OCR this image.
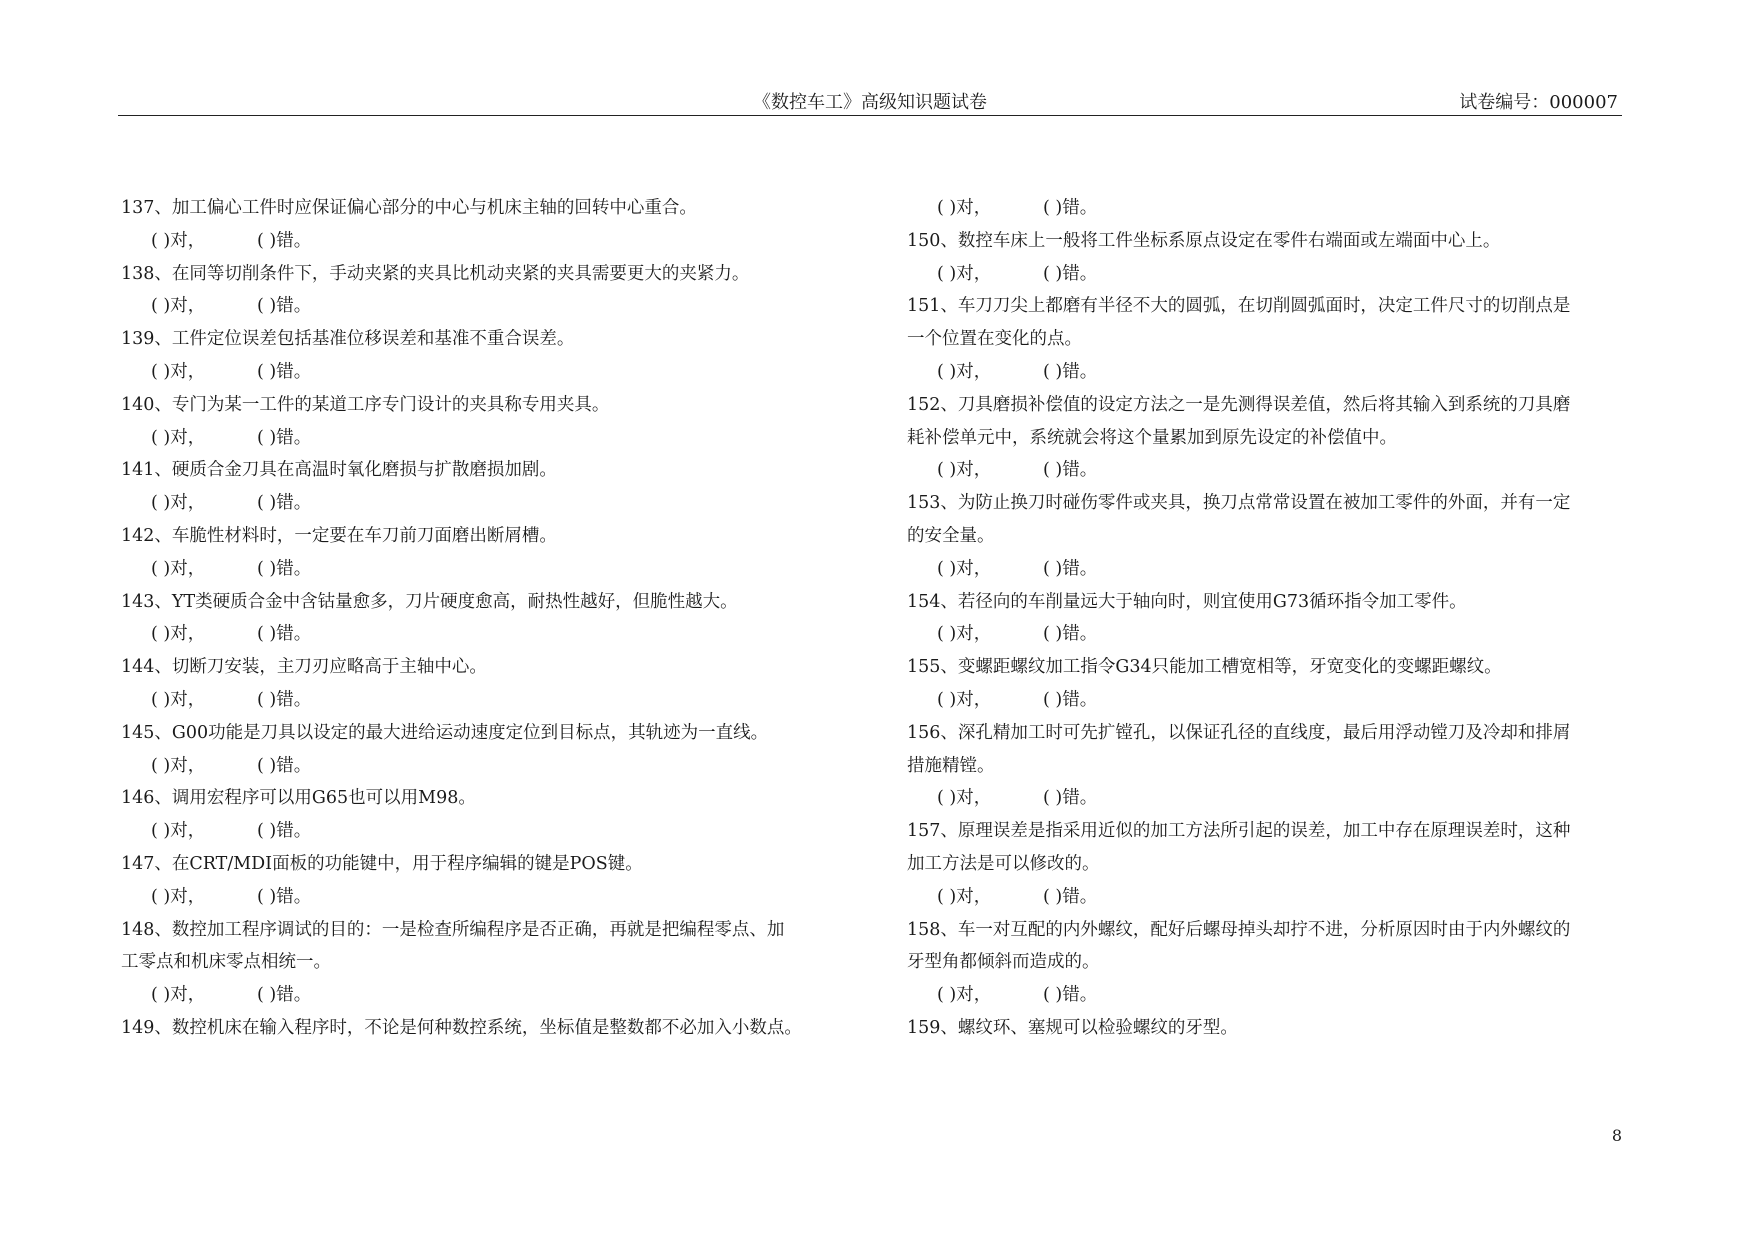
《数控车工》高级知识题试卷	试卷编号：000007
137、加工偏心工件时应保证偏心部分的中心与机床主轴的回转中心重合。
( )对，	( )错。
138、在同等切削条件下，手动夹紧的夹具比机动夹紧的夹具需要更大的夹紧力。
( )对，	( )错。
139、工件定位误差包括基准位移误差和基准不重合误差。
( )对，	( )错。
140、专门为某一工件的某道工序专门设计的夹具称专用夹具。
( )对，	( )错。
141、硬质合金刀具在高温时氧化磨损与扩散磨损加剧。
( )对，	( )错。
142、车脆性材料时，一定要在车刀前刀面磨出断屑槽。
( )对，	( )错。
143、YT类硬质合金中含钴量愈多，刀片硬度愈高，耐热性越好，但脆性越大。
( )对，	( )错。
144、切断刀安装，主刀刃应略高于主轴中心。
( )对，	( )错。
145、G00功能是刀具以设定的最大进给运动速度定位到目标点，其轨迹为一直线。
( )对，	( )错。
146、调用宏程序可以用G65也可以用M98。
( )对，	( )错。
147、在CRT/MDI面板的功能键中，用于程序编辑的键是POS键。
( )对，	( )错。
148、数控加工程序调试的目的：一是检查所编程序是否正确，再就是把编程零点、加
工零点和机床零点相统一。
( )对，	( )错。
149、数控机床在输入程序时，不论是何种数控系统，坐标值是整数都不必加入小数点。
( )对，	( )错。
150、数控车床上一般将工件坐标系原点设定在零件右端面或左端面中心上。
( )对，	( )错。
151、车刀刀尖上都磨有半径不大的圆弧，在切削圆弧面时，决定工件尺寸的切削点是
一个位置在变化的点。
( )对，	( )错。
152、刀具磨损补偿值的设定方法之一是先测得误差值，然后将其输入到系统的刀具磨
耗补偿单元中，系统就会将这个量累加到原先设定的补偿值中。
( )对，	( )错。
153、为防止换刀时碰伤零件或夹具，换刀点常常设置在被加工零件的外面，并有一定
的安全量。
( )对，	( )错。
154、若径向的车削量远大于轴向时，则宜使用G73循环指令加工零件。
( )对，	( )错。
155、变螺距螺纹加工指令G34只能加工槽宽相等，牙宽变化的变螺距螺纹。
( )对，	( )错。
156、深孔精加工时可先扩镗孔，以保证孔径的直线度，最后用浮动镗刀及冷却和排屑
措施精镗。
( )对，	( )错。
157、原理误差是指采用近似的加工方法所引起的误差，加工中存在原理误差时，这种
加工方法是可以修改的。
( )对，	( )错。
158、车一对互配的内外螺纹，配好后螺母掉头却拧不进，分析原因时由于内外螺纹的
牙型角都倾斜而造成的。
( )对，	( )错。
159、螺纹环、塞规可以检验螺纹的牙型。
8
